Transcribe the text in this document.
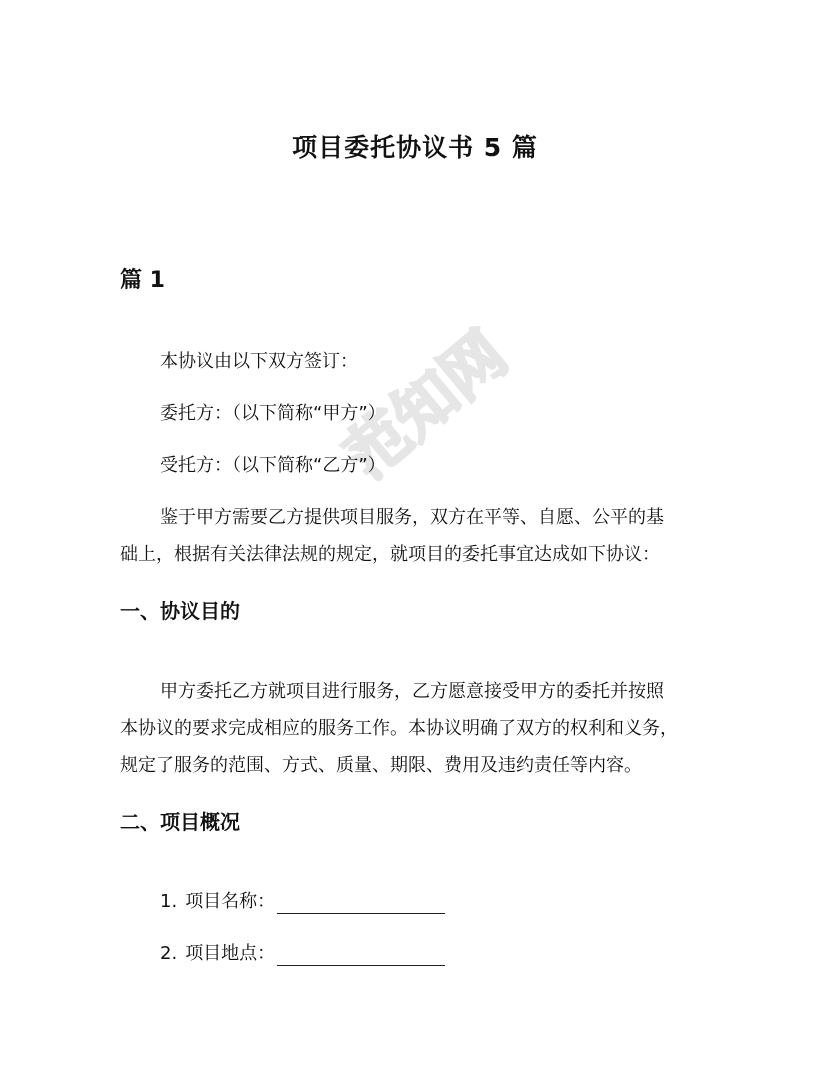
范知网
项目委托协议书 5 篇
篇 1
本协议由以下双方签订：
委托方：（以下简称“甲方”）
受托方：（以下简称“乙方”）
鉴于甲方需要乙方提供项目服务，双方在平等、自愿、公平的基
础上，根据有关法律法规的规定，就项目的委托事宜达成如下协议：
一、协议目的
甲方委托乙方就项目进行服务，乙方愿意接受甲方的委托并按照
本协议的要求完成相应的服务工作。本协议明确了双方的权利和义务，
规定了服务的范围、方式、质量、期限、费用及违约责任等内容。
二、项目概况
1. 项目名称：
2. 项目地点：
